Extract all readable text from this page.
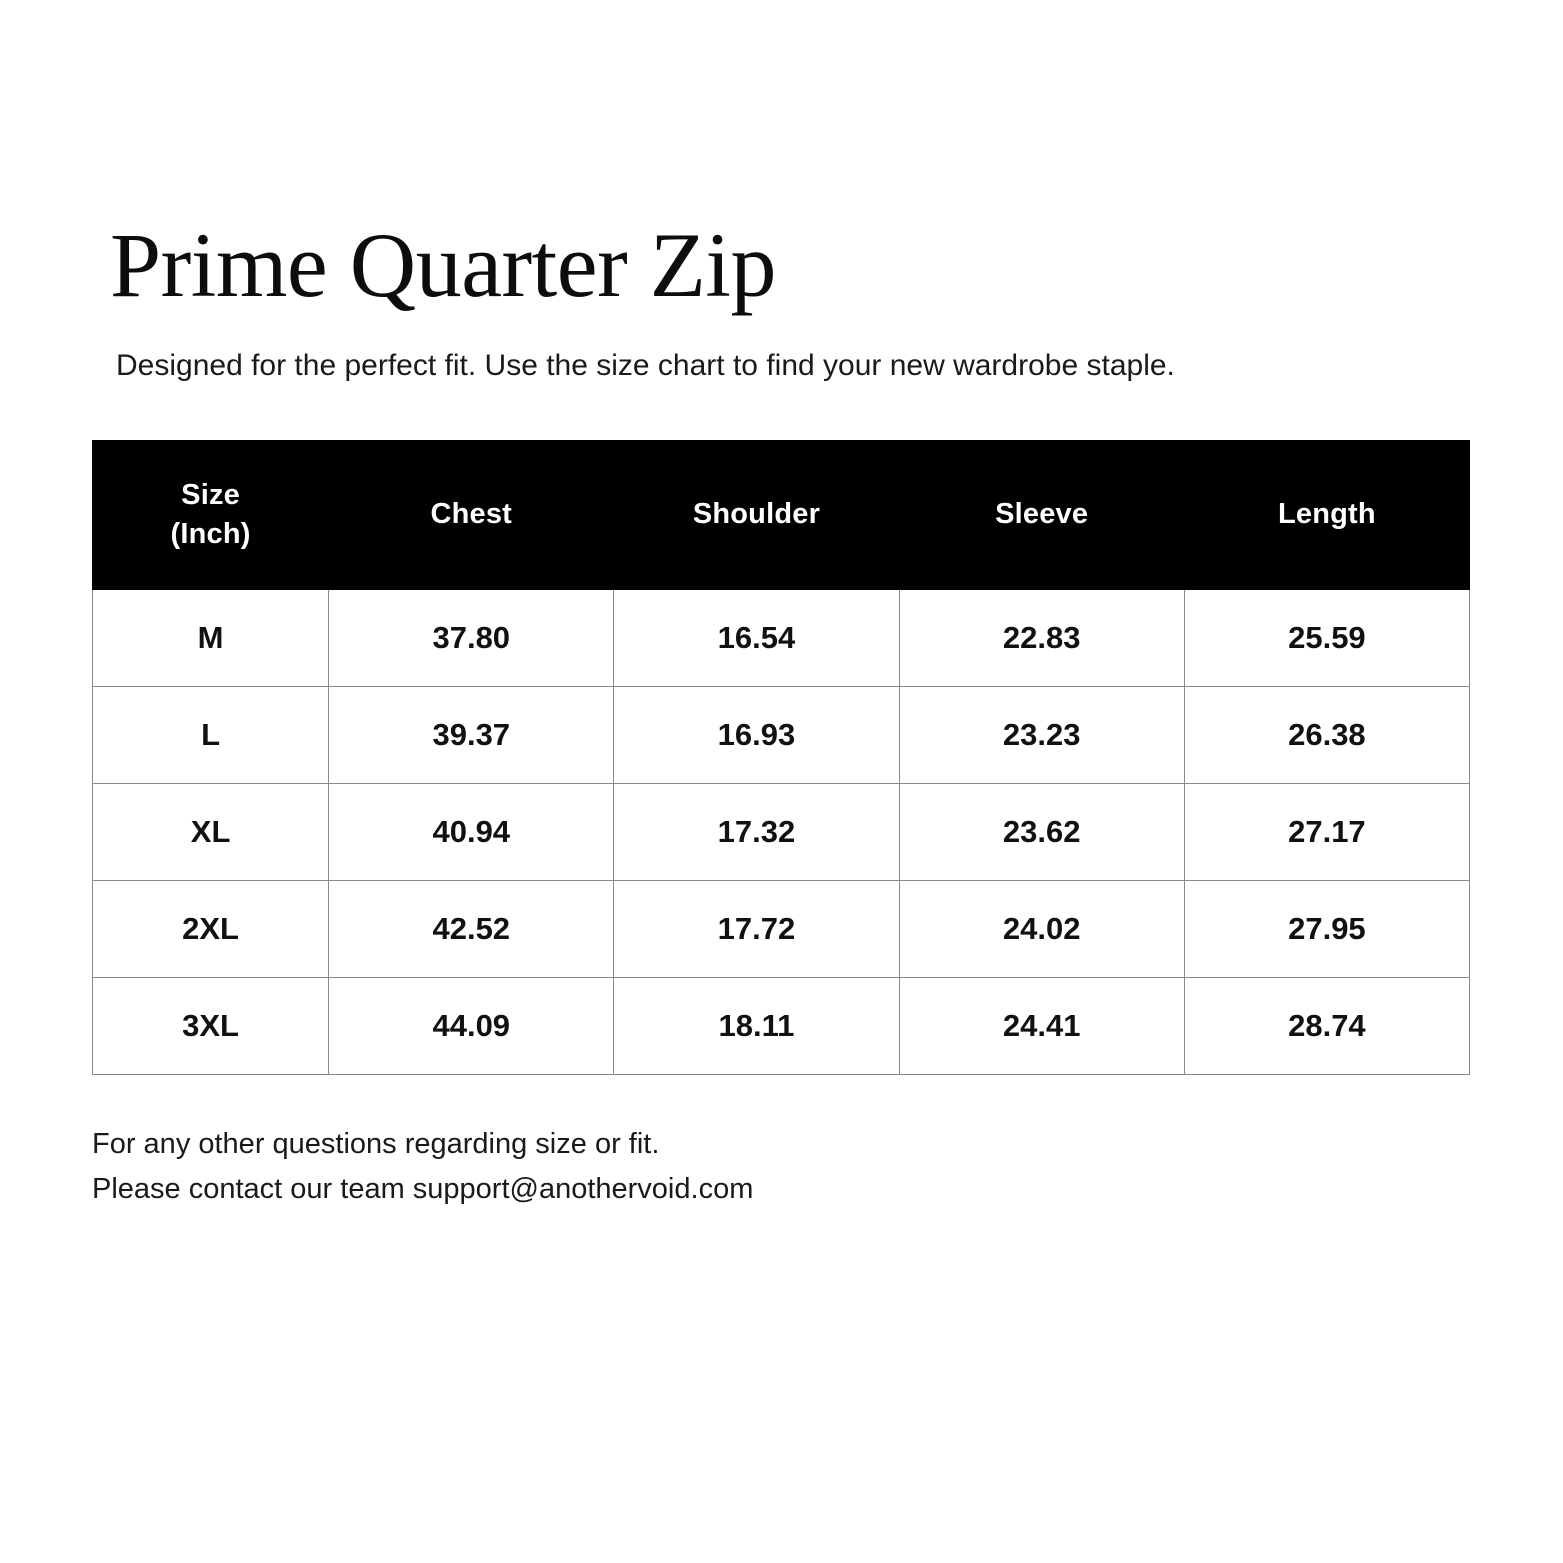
Prime Quarter Zip

Designed for the perfect fit. Use the size chart to find your new wardrobe staple.

Size
(Inch)	Chest	Shoulder	Sleeve	Length
M	37.80	16.54	22.83	25.59
L	39.37	16.93	23.23	26.38
XL	40.94	17.32	23.62	27.17
2XL	42.52	17.72	24.02	27.95
3XL	44.09	18.11	24.41	28.74
For any other questions regarding size or fit.
Please contact our team support@anothervoid.com
